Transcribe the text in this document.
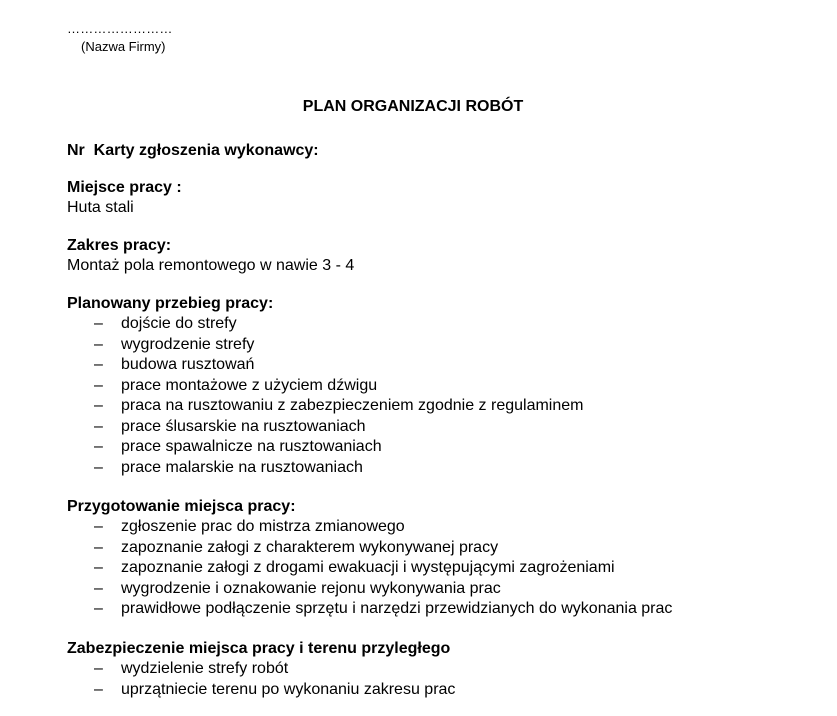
……………………
(Nazwa Firmy)
PLAN ORGANIZACJI ROBÓT
Nr  Karty zgłoszenia wykonawcy:
Miejsce pracy :
Huta stali
Zakres pracy:
Montaż pola remontowego w nawie 3 - 4
Planowany przebieg pracy:
– dojście do strefy
– wygrodzenie strefy
– budowa rusztowań
– prace montażowe z użyciem dźwigu
– praca na rusztowaniu z zabezpieczeniem zgodnie z regulaminem
– prace ślusarskie na rusztowaniach
– prace spawalnicze na rusztowaniach
– prace malarskie na rusztowaniach
Przygotowanie miejsca pracy:
– zgłoszenie prac do mistrza zmianowego
– zapoznanie załogi z charakterem wykonywanej pracy
– zapoznanie załogi z drogami ewakuacji i występującymi zagrożeniami
– wygrodzenie i oznakowanie rejonu wykonywania prac
– prawidłowe podłączenie sprzętu i narzędzi przewidzianych do wykonania prac
Zabezpieczenie miejsca pracy i terenu przyległego
– wydzielenie strefy robót
– uprzątniecie terenu po wykonaniu zakresu prac
